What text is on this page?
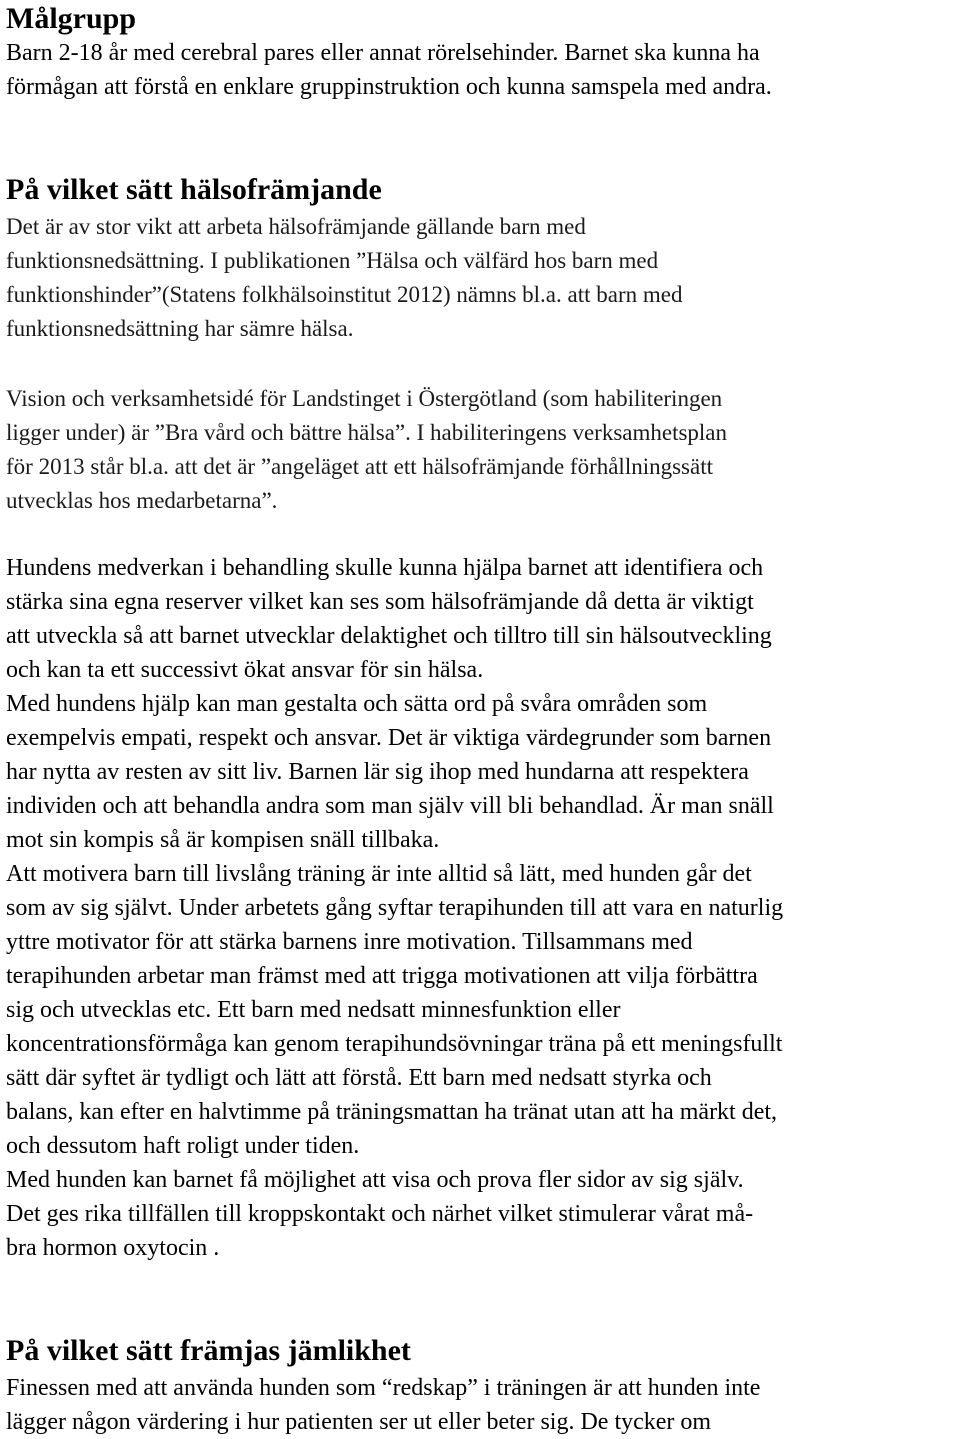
Målgrupp

Barn 2-18 år med cerebral pares eller annat rörelsehinder. Barnet ska kunna ha
förmågan att förstå en enklare gruppinstruktion och kunna samspela med andra.

På vilket sätt hälsofrämjande

Det är av stor vikt att arbeta hälsofrämjande gällande barn med
funktionsnedsättning. I publikationen ”Hälsa och välfärd hos barn med
funktionshinder”(Statens folkhälsoinstitut 2012) nämns bl.a. att barn med
funktionsnedsättning har sämre hälsa.

Vision och verksamhetsidé för Landstinget i Östergötland (som habiliteringen
ligger under) är ”Bra vård och bättre hälsa”. I habiliteringens verksamhetsplan
för 2013 står bl.a. att det är ”angeläget att ett hälsofrämjande förhållningssätt
utvecklas hos medarbetarna”.

Hundens medverkan i behandling skulle kunna hjälpa barnet att identifiera och
stärka sina egna reserver vilket kan ses som hälsofrämjande då detta är viktigt
att utveckla så att barnet utvecklar delaktighet och tilltro till sin hälsoutveckling
och kan ta ett successivt ökat ansvar för sin hälsa.
Med hundens hjälp kan man gestalta och sätta ord på svåra områden som
exempelvis empati, respekt och ansvar. Det är viktiga värdegrunder som barnen
har nytta av resten av sitt liv. Barnen lär sig ihop med hundarna att respektera
individen och att behandla andra som man själv vill bli behandlad. Är man snäll
mot sin kompis så är kompisen snäll tillbaka.
Att motivera barn till livslång träning är inte alltid så lätt, med hunden går det
som av sig självt. Under arbetets gång syftar terapihunden till att vara en naturlig
yttre motivator för att stärka barnens inre motivation. Tillsammans med
terapihunden arbetar man främst med att trigga motivationen att vilja förbättra
sig och utvecklas etc. Ett barn med nedsatt minnesfunktion eller
koncentrationsförmåga kan genom terapihundsövningar träna på ett meningsfullt
sätt där syftet är tydligt och lätt att förstå. Ett barn med nedsatt styrka och
balans, kan efter en halvtimme på träningsmattan ha tränat utan att ha märkt det,
och dessutom haft roligt under tiden.
Med hunden kan barnet få möjlighet att visa och prova fler sidor av sig själv.
Det ges rika tillfällen till kroppskontakt och närhet vilket stimulerar vårat må-
bra hormon oxytocin .

På vilket sätt främjas jämlikhet

Finessen med att använda hunden som “redskap” i träningen är att hunden inte
lägger någon värdering i hur patienten ser ut eller beter sig. De tycker om
